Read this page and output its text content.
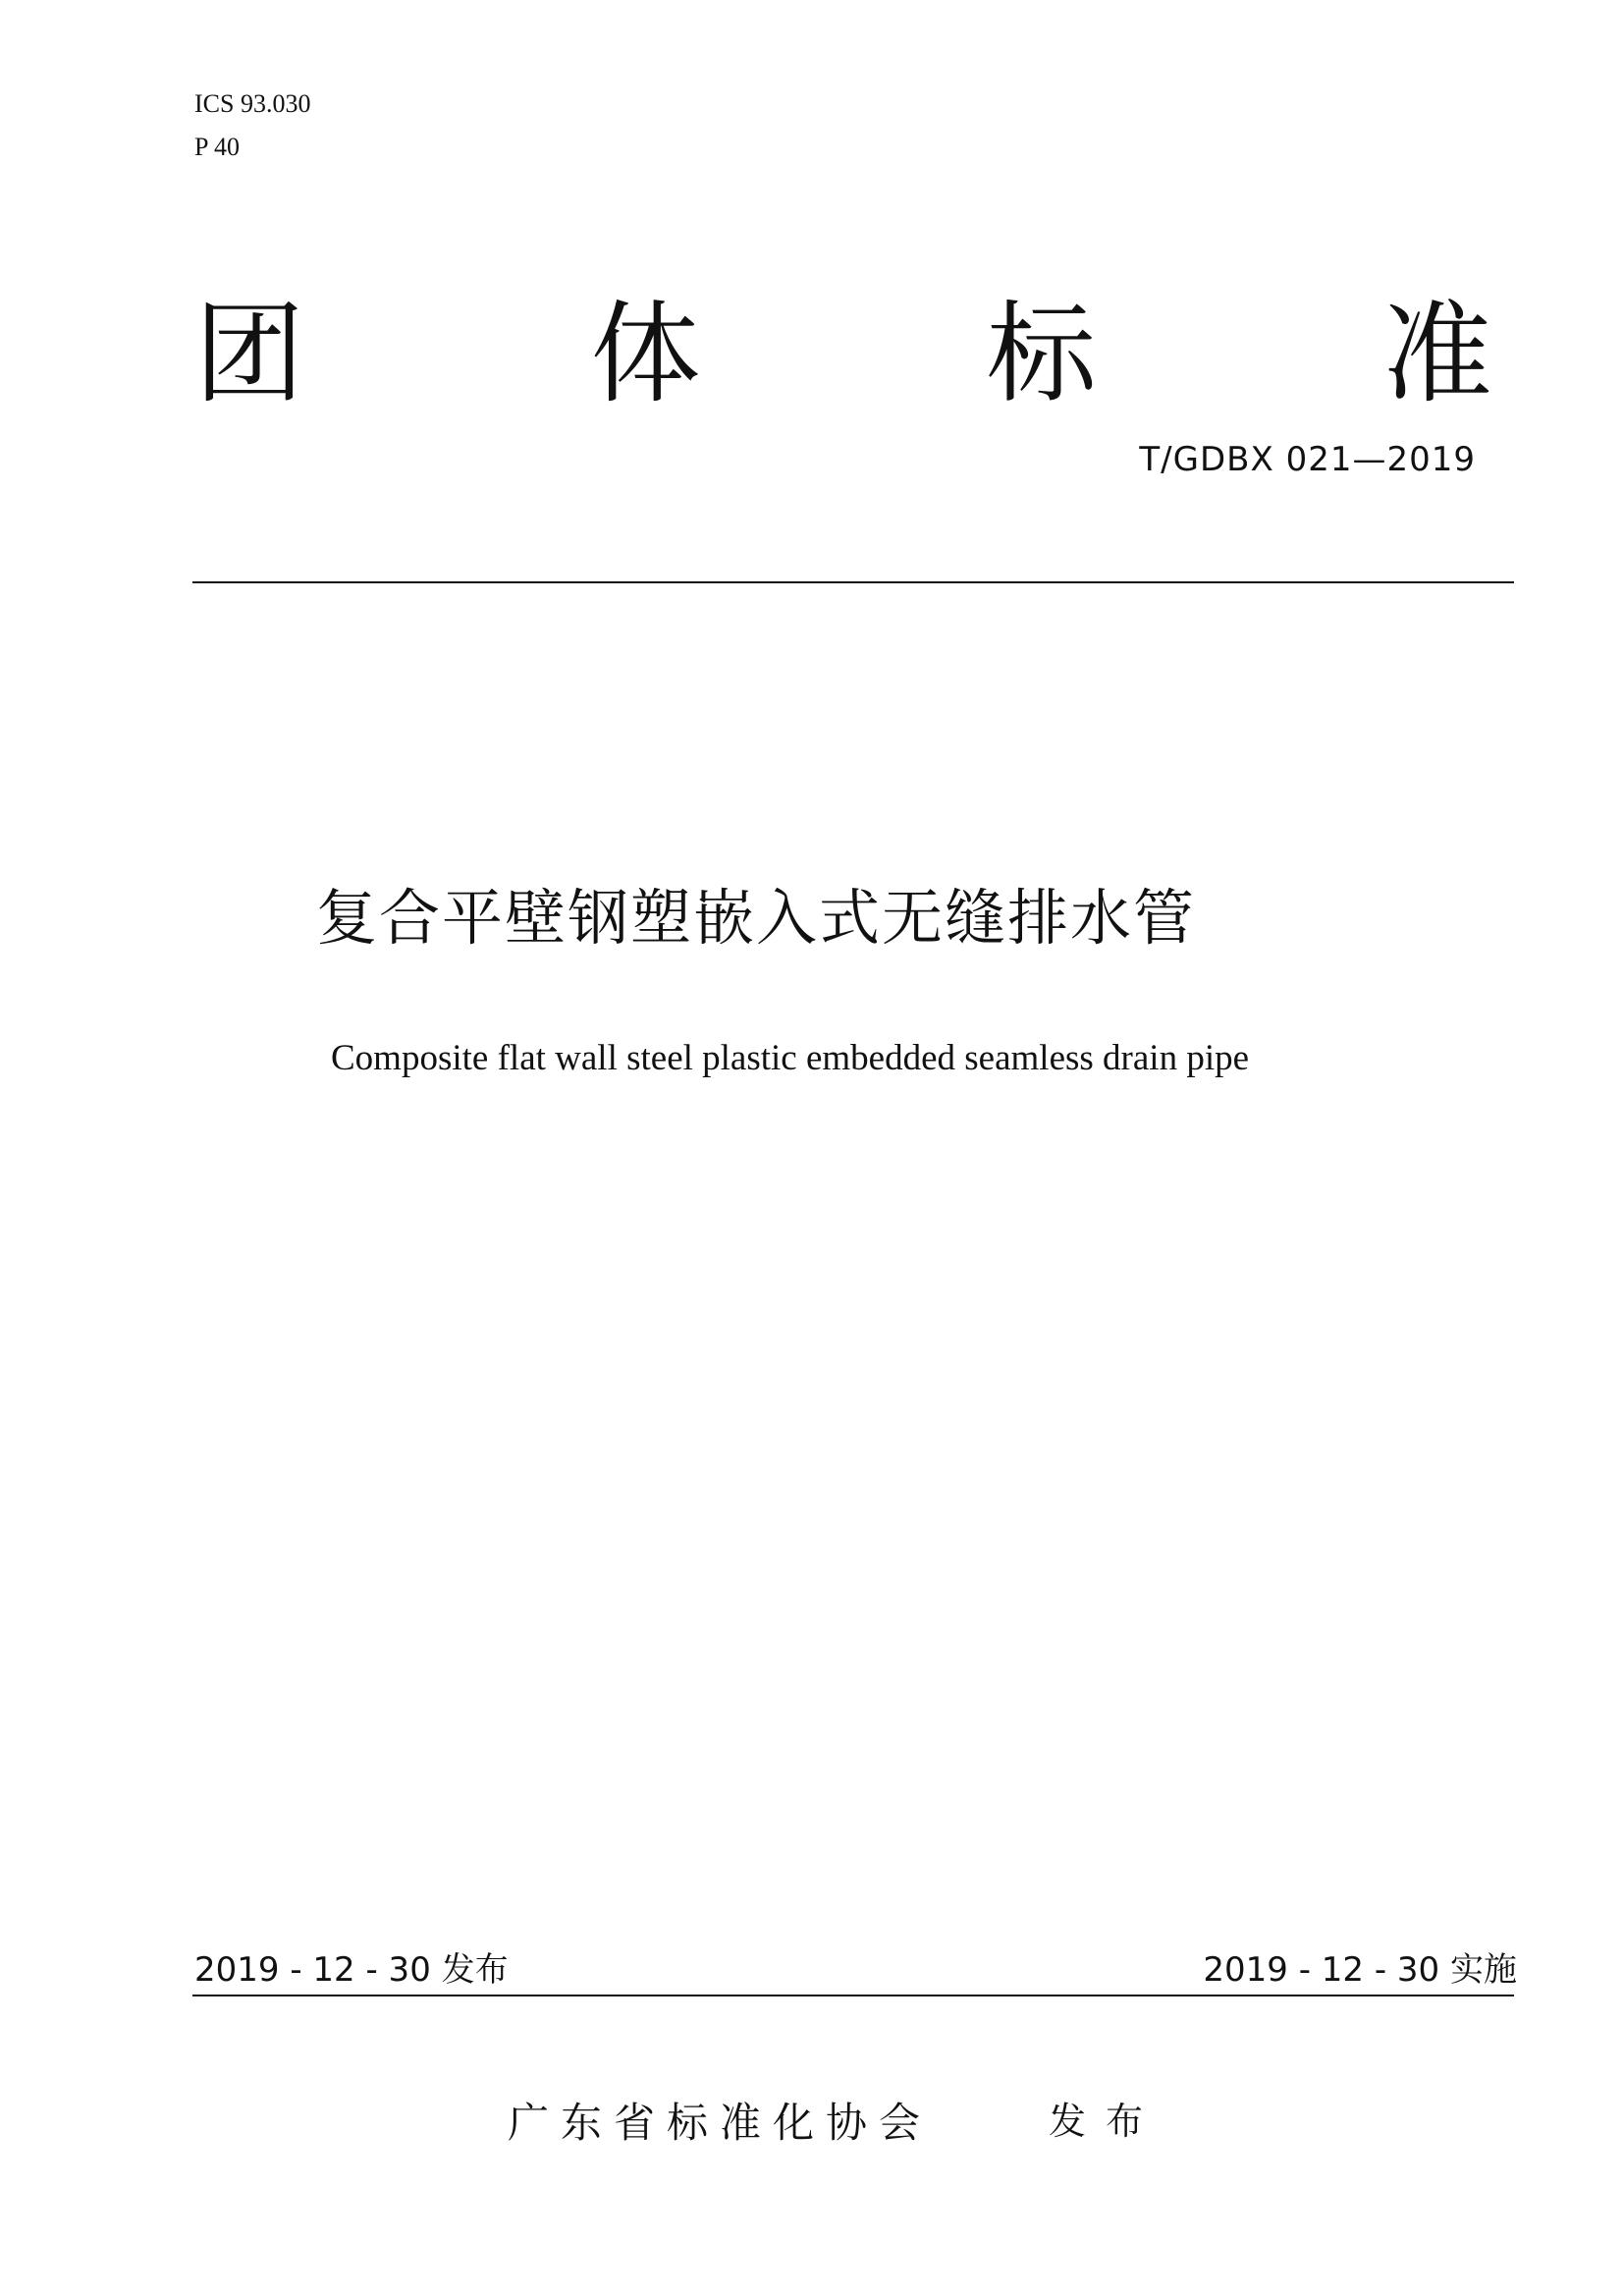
ICS 93.030
P 40
团	体	标	准
T/GDBX 021—2019
复合平壁钢塑嵌入式无缝排水管
Composite flat wall steel plastic embedded seamless drain pipe
2019 - 12 - 30 发布	2019 - 12 - 30 实施
广东省标准化协会	发布
